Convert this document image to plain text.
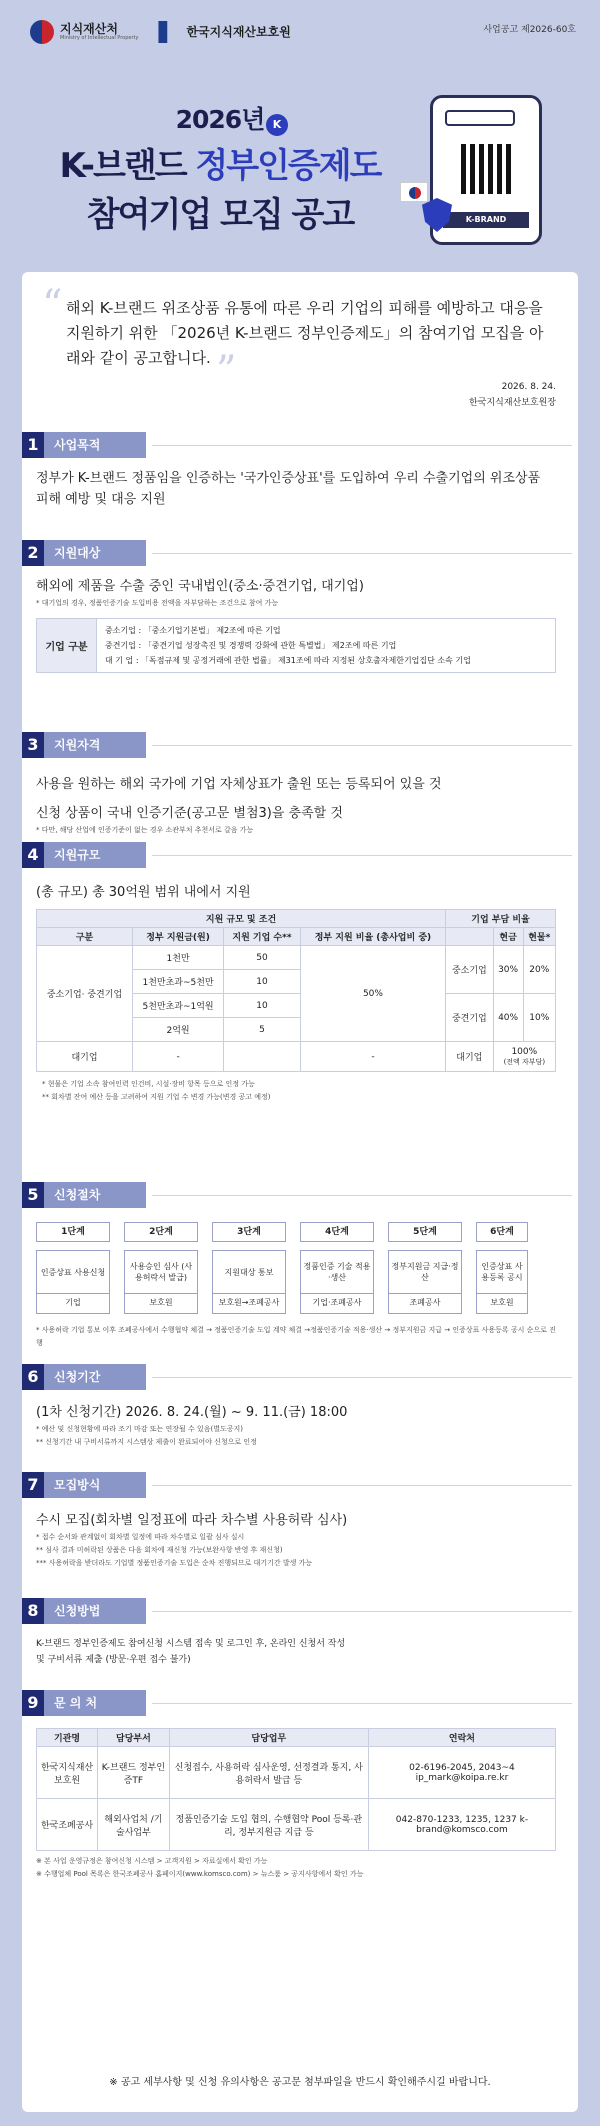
지식재산처
Ministry of Intellectual Property	한국지식재산보호원	사업공고 제2026-60호
2026년
K-브랜드 정부인증제도
참여기업 모집 공고
K
K-BRAND
“ 해외 K-브랜드 위조상품 유통에 따른 우리 기업의 피해를 예방하고 대응을 지원하기 위한 「2026년 K-브랜드 정부인증제도」의 참여기업 모집을 아래와 같이 공고합니다. ”	2026. 8. 24.
한국지식재산보호원장
1	사업목적
정부가 K-브랜드 정품임을 인증하는 '국가인증상표'를 도입하여 우리 수출기업의 위조상품 피해 예방 및 대응 지원
2	지원대상
해외에 제품을 수출 중인 국내법인(중소·중견기업, 대기업)
* 대기업의 경우, 정품인증기술 도입비용 전액을 자부담하는 조건으로 참여 가능
기업 구분	
중소기업 : 「중소기업기본법」 제2조에 따른 기업
중견기업 : 「중견기업 성장촉진 및 경쟁력 강화에 관한 특별법」 제2조에 따른 기업
대 기 업 : 「독점규제 및 공정거래에 관한 법률」 제31조에 따라 지정된 상호출자제한기업집단 소속 기업
3	지원자격
사용을 원하는 해외 국가에 기업 자체상표가 출원 또는 등록되어 있을 것
신청 상품이 국내 인증기준(공고문 별첨3)을 충족할 것
* 다만, 해당 산업에 인증기준이 없는 경우 소관부처 추천서로 갈음 가능
4	지원규모
(총 규모) 총 30억원 범위 내에서 지원
지원 규모 및 조건				기업 부담 비율		
구분	정부 지원금(원)	지원 기업 수**	정부 지원 비율 (총사업비 중)		현금	현물*
중소기업· 중견기업	1천만	50	50%	중소기업	30%	20%
	1천만초과~5천만	10				
	5천만초과~1억원	10		중견기업	40%	10%
	2억원	5				
대기업	-		-	대기업	100%
(전액 자부담)	
* 현물은 기업 소속 참여인력 인건비, 시설·장비 항목 등으로 인정 가능
** 회차별 잔여 예산 등을 고려하여 지원 기업 수 변경 가능(변경 공고 예정)
5	신청절차
1단계
인증상표 사용신청
기업
2단계
사용승인 심사 (사용허락서 발급)
보호원
3단계
지원대상 통보
보호원→조폐공사
4단계
정품인증 기술 적용·생산
기업·조폐공사
5단계
정부지원금 지급·정산
조폐공사
6단계
인증상표 사용등록 공시
보호원
* 사용허락 기업 통보 이후 조폐공사에서 수행협약 체결 → 정품인증기술 도입 계약 체결 →정품인증기술 적용·생산 → 정부지원금 지급 → 인증상표 사용등록 공시 순으로 진행
6	신청기간
(1차 신청기간) 2026. 8. 24.(월) ~ 9. 11.(금) 18:00
* 예산 및 신청현황에 따라 조기 마감 또는 연장될 수 있음(별도공지)
** 신청기간 내 구비서류까지 시스템상 제출이 완료되어야 신청으로 인정
7	모집방식
수시 모집(회차별 일정표에 따라 차수별 사용허락 심사)
* 접수 순서와 관계없이 회차별 일정에 따라 차수별로 일괄 심사 실시
** 심사 결과 미허락된 상품은 다음 회차에 재신청 가능(보완사항 반영 후 재신청)
*** 사용허락을 받더라도 기업별 정품인증기술 도입은 순차 진행되므로 대기기간 발생 가능
8	신청방법
K-브랜드 정부인증제도 참여신청 시스템 접속 및 로그인 후, 온라인 신청서 작성 및 구비서류 제출 (방문·우편 접수 불가)
9	문 의 처
기관명	담당부서	담당업무	연락처
한국지식재산보호원	K-브랜드 정부인증TF	신청접수, 사용허락 심사운영, 선정결과 통지, 사용허락서 발급 등	02-6196-2045, 2043~4 ip_mark@koipa.re.kr
한국조폐공사	해외사업처 /기술사업부	정품인증기술 도입 협의, 수행협약 Pool 등록·관리, 정부지원금 지급 등	042-870-1233, 1235, 1237 k-brand@komsco.com
※ 본 사업 운영규정은 참여신청 시스템 > 고객지원 > 자료실에서 확인 가능
※ 수행업체 Pool 목록은 한국조폐공사 홈페이지(www.komsco.com) > 뉴스룸 > 공지사항에서 확인 가능
※ 공고 세부사항 및 신청 유의사항은 공고문 첨부파일을 반드시 확인해주시길 바랍니다.
